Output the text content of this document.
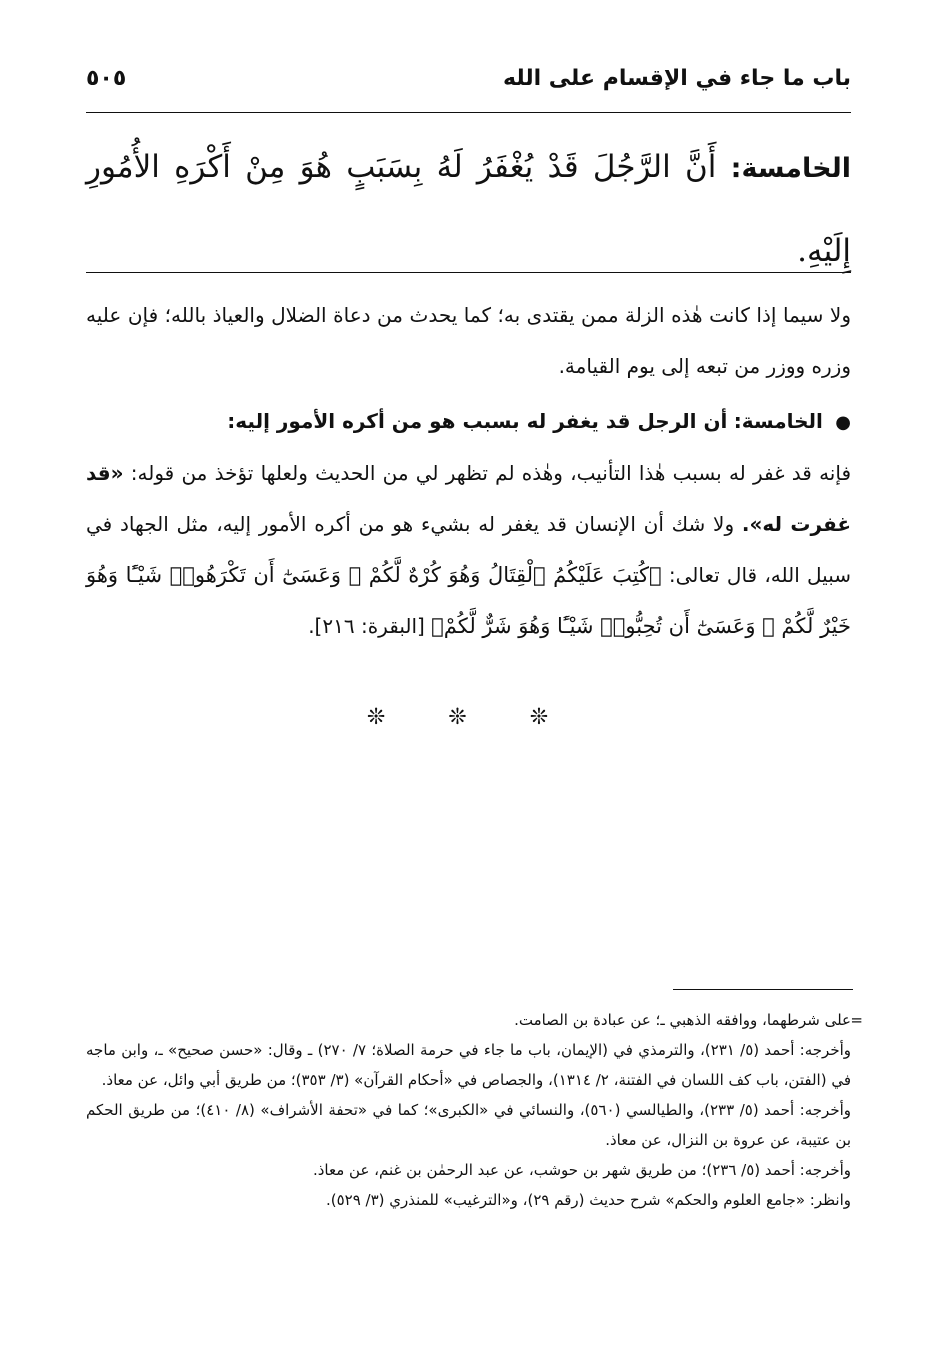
باب ما جاء في الإقسام على الله
٥٠٥
الخامسة: أَنَّ الرَّجُلَ قَدْ يُغْفَرُ لَهُ بِسَبَبٍ هُوَ مِنْ أَكْرَهِ الأُمُورِ إِلَيْهِ.
ولا سيما إذا كانت هٰذه الزلة ممن يقتدى به؛ كما يحدث من دعاة الضلال والعياذ بالله؛ فإن عليه وزره ووزر من تبعه إلى يوم القيامة.
● الخامسة: أن الرجل قد يغفر له بسبب هو من أكره الأمور إليه:
فإنه قد غفر له بسبب هٰذا التأنيب، وهٰذه لم تظهر لي من الحديث ولعلها تؤخذ من قوله: «قد غفرت له». ولا شك أن الإنسان قد يغفر له بشيء هو من أكره الأمور إليه، مثل الجهاد في سبيل الله، قال تعالى: ﴿كُتِبَ عَلَيْكُمُ ٱلْقِتَالُ وَهُوَ كُرْهٌ لَّكُمْ ۖ وَعَسَىٰٓ أَن تَكْرَهُوا۟ شَيْـًٔا وَهُوَ خَيْرٌ لَّكُمْ ۖ وَعَسَىٰٓ أَن تُحِبُّوا۟ شَيْـًٔا وَهُوَ شَرٌّ لَّكُمْ﴾ [البقرة: ٢١٦].
❊ ❊ ❊

=
على شرطهما، ووافقه الذهبي ـ؛ عن عبادة بن الصامت.

وأخرجه: أحمد (٥/ ٢٣١)، والترمذي في (الإيمان، باب ما جاء في حرمة الصلاة؛ ٧/ ٢٧٠) ـ وقال: «حسن صحيح» ـ، وابن ماجه في (الفتن، باب كف اللسان في الفتنة، ٢/ ١٣١٤)، والجصاص في «أحكام القرآن» (٣/ ٣٥٣)؛ من طريق أبي وائل، عن معاذ.

وأخرجه: أحمد (٥/ ٢٣٣)، والطيالسي (٥٦٠)، والنسائي في «الكبرى»؛ كما في «تحفة الأشراف» (٨/ ٤١٠)؛ من طريق الحكم بن عتيبة، عن عروة بن النزال، عن معاذ.

وأخرجه: أحمد (٥/ ٢٣٦)؛ من طريق شهر بن حوشب، عن عبد الرحمٰن بن غنم، عن معاذ.

وانظر: «جامع العلوم والحكم» شرح حديث (رقم ٢٩)، و«الترغيب» للمنذري (٣/ ٥٢٩).
